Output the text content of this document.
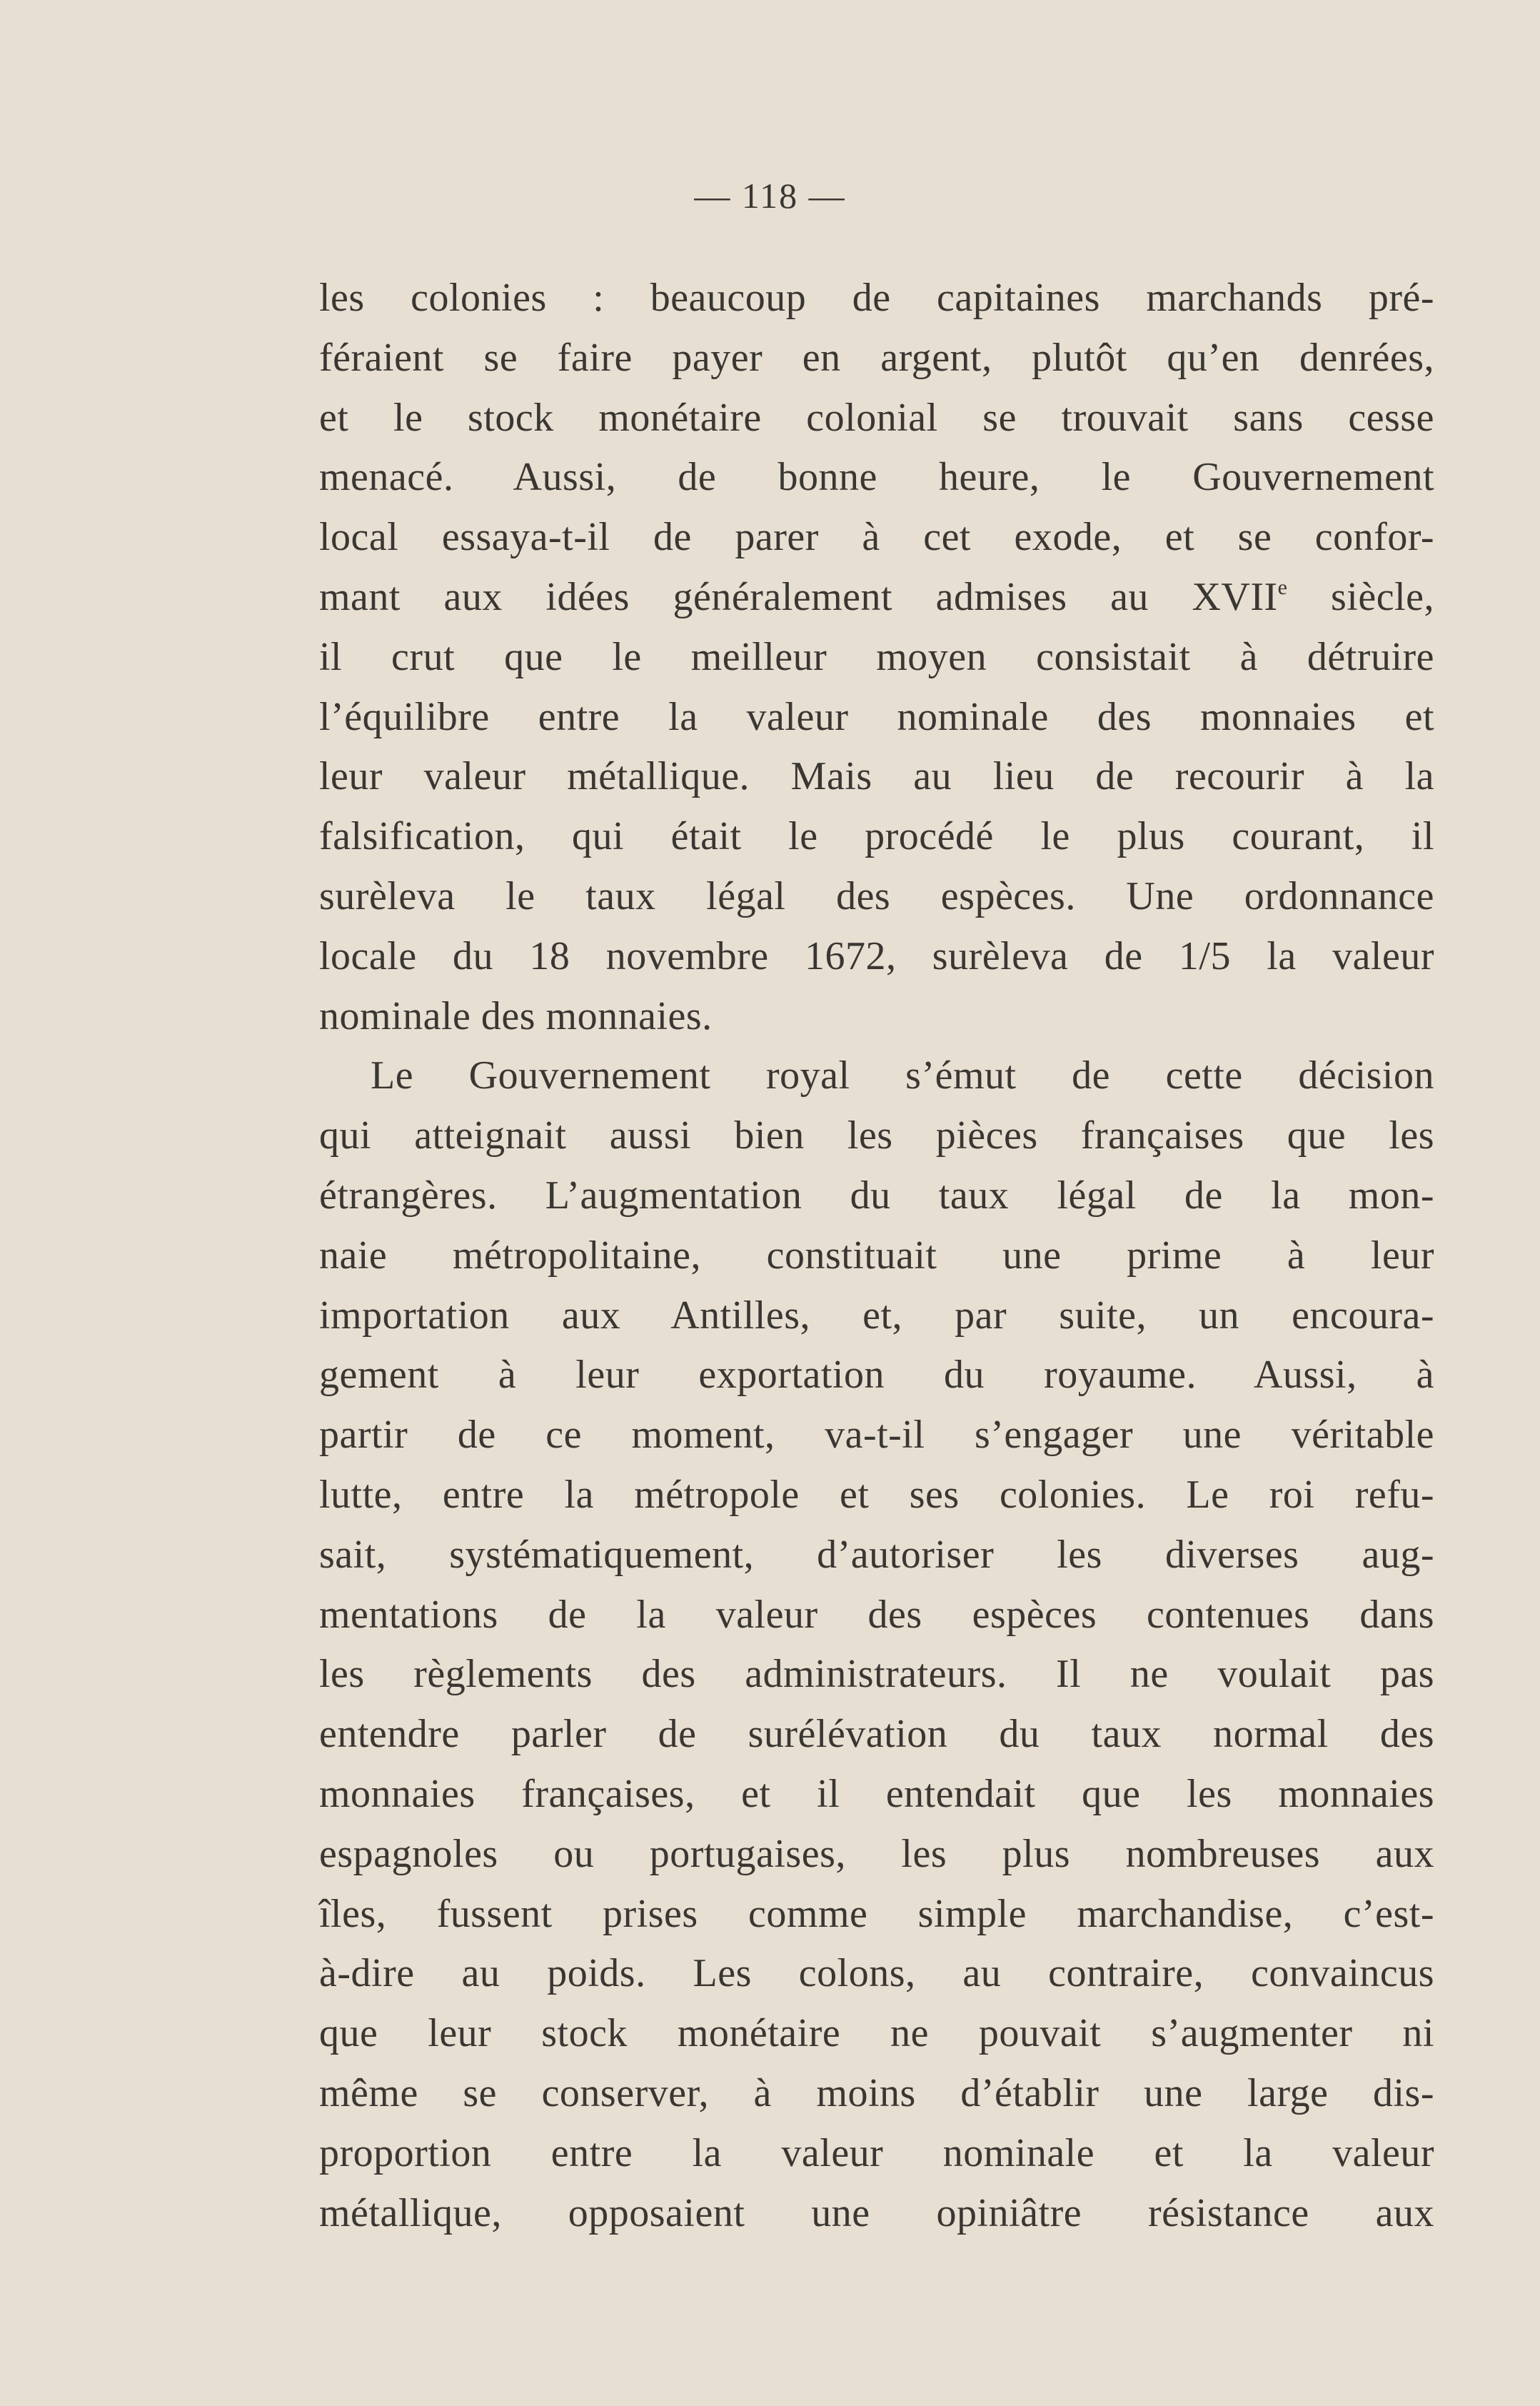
— 118 —
les colonies : beaucoup de capitaines marchands pré-
féraient se faire payer en argent, plutôt qu’en denrées,
et le stock monétaire colonial se trouvait sans cesse
menacé. Aussi, de bonne heure, le Gouvernement
local essaya-t-il de parer à cet exode, et se confor-
mant aux idées généralement admises au XVIIe siècle,
il crut que le meilleur moyen consistait à détruire
l’équilibre entre la valeur nominale des monnaies et
leur valeur métallique. Mais au lieu de recourir à la
falsification, qui était le procédé le plus courant, il
surèleva le taux légal des espèces. Une ordonnance
locale du 18 novembre 1672, surèleva de 1/5 la valeur
nominale des monnaies.
Le Gouvernement royal s’émut de cette décision
qui atteignait aussi bien les pièces françaises que les
étrangères. L’augmentation du taux légal de la mon-
naie métropolitaine, constituait une prime à leur
importation aux Antilles, et, par suite, un encoura-
gement à leur exportation du royaume. Aussi, à
partir de ce moment, va-t-il s’engager une véritable
lutte, entre la métropole et ses colonies. Le roi refu-
sait, systématiquement, d’autoriser les diverses aug-
mentations de la valeur des espèces contenues dans
les règlements des administrateurs. Il ne voulait pas
entendre parler de surélévation du taux normal des
monnaies françaises, et il entendait que les monnaies
espagnoles ou portugaises, les plus nombreuses aux
îles, fussent prises comme simple marchandise, c’est-
à-dire au poids. Les colons, au contraire, convaincus
que leur stock monétaire ne pouvait s’augmenter ni
même se conserver, à moins d’établir une large dis-
proportion entre la valeur nominale et la valeur
métallique, opposaient une opiniâtre résistance aux
